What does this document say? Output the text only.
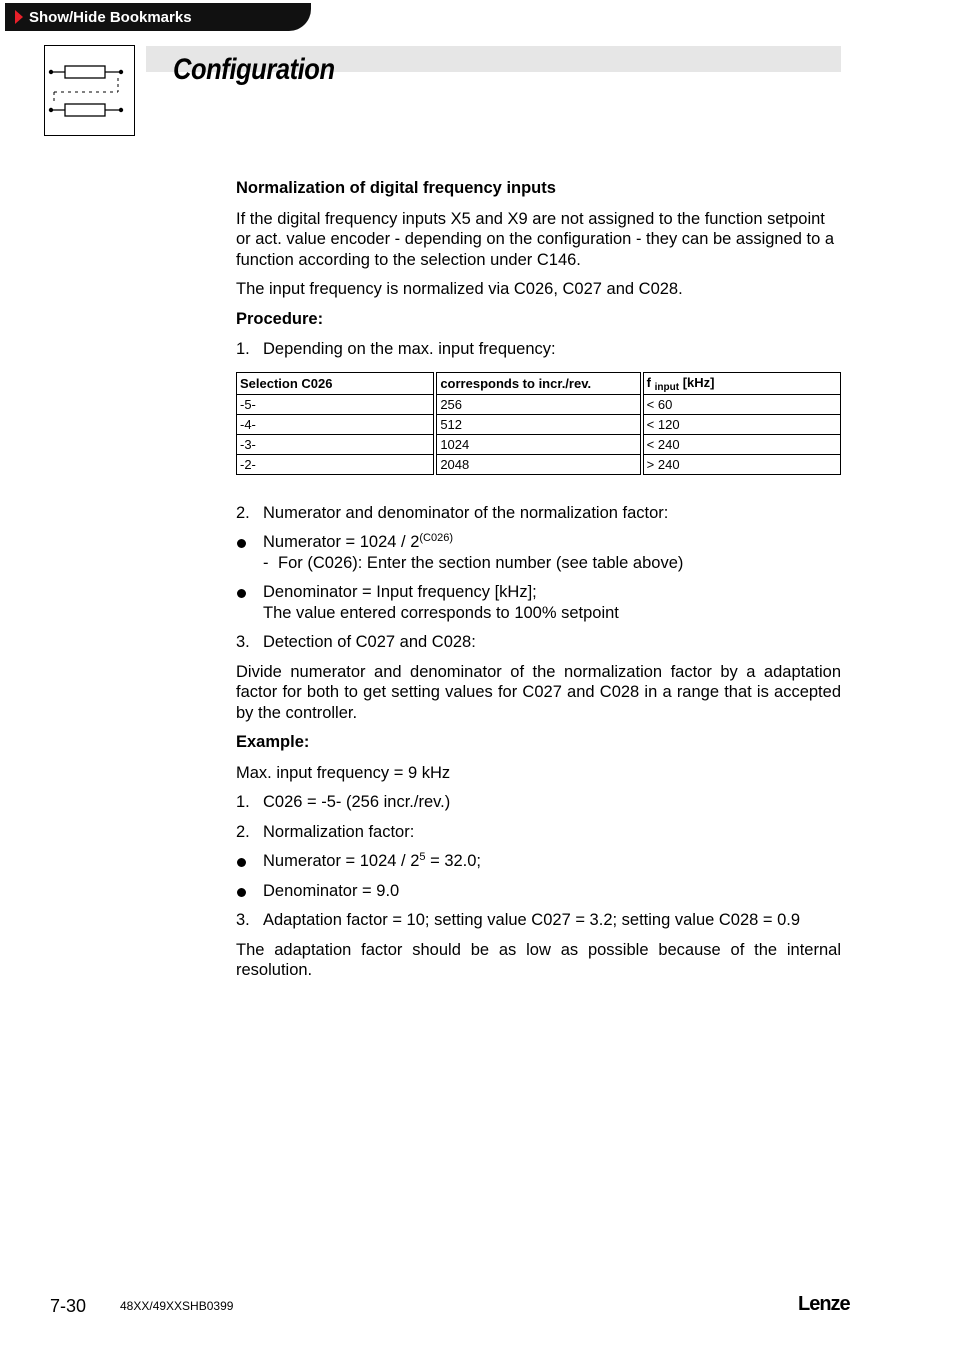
Show/Hide Bookmarks
Configuration

Normalization of digital frequency inputs

If the digital frequency inputs X5 and X9 are not assigned to the function setpoint or act. value encoder - depending on the configuration - they can be assigned to a function according to the selection under C146.

The input frequency is normalized via C026, C027 and C028.

Procedure:

1. Depending on the max. input frequency:
Selection C026	corresponds to incr./rev.	f $_{input}$ [kHz]
-5-	256	< 60
-4-	512	< 120
-3-	1024	< 240
-2-	2048	> 240
2. Numerator and denominator of the normalization factor:
Numerator = $1024 / 2^{(C026)}$
- For (C026): Enter the section number (see table above)
Denominator = Input frequency [kHz];
The value entered corresponds to 100% setpoint
3. Detection of C027 and C028:

Divide numerator and denominator of the normalization factor by a adaptation factor for both to get setting values for C027 and C028 in a range that is accepted by the controller.

Example:

Max. input frequency = 9 kHz

1. C026 = -5- (256 incr./rev.)
2. Normalization factor:
Numerator = $1024 / 2^5 = 32.0$;
Denominator = 9.0
3. Adaptation factor = 10; setting value C027 = 3.2; setting value C028 = 0.9

The adaptation factor should be as low as possible because of the internal resolution.

7-30	48XX/49XXSHB0399	Lenze
